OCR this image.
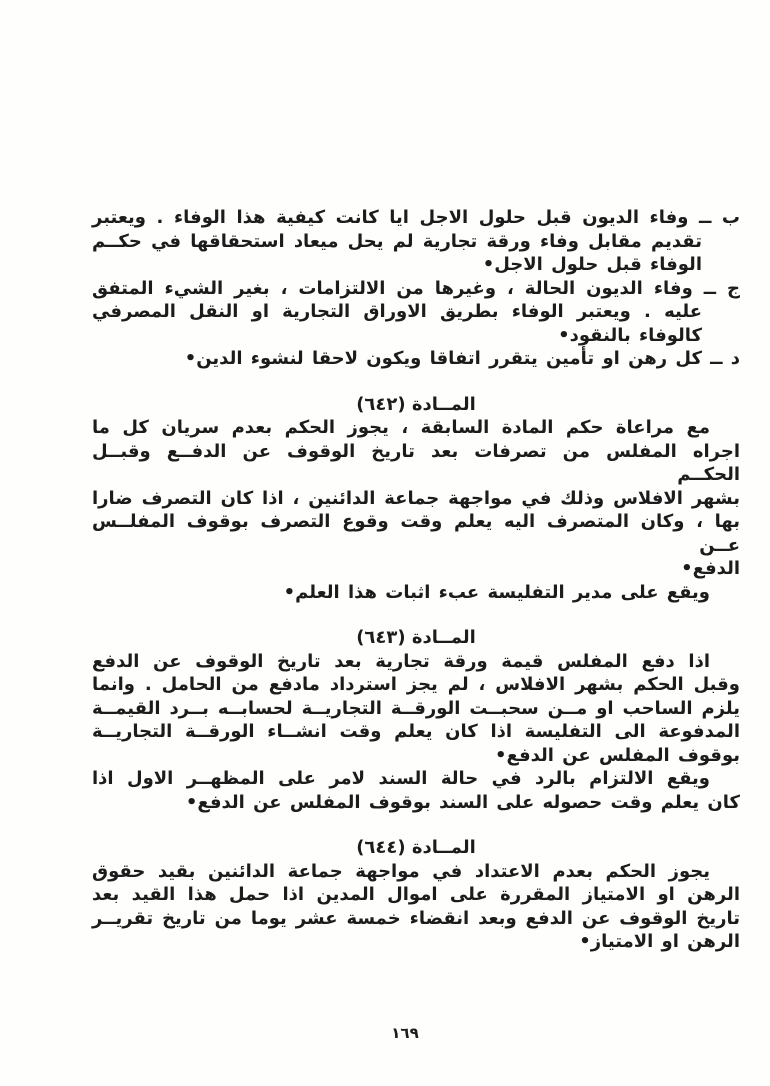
ب ــ وفاء الديون قبل حلول الاجل ايا كانت كيفية هذا الوفاء . ويعتبر

تقديم مقابل وفاء ورقة تجارية لم يحل ميعاد استحقاقها في حكــم

الوفاء قبل حلول الاجل•

ج ــ وفاء الديون الحالة ، وغيرها من الالتزامات ، بغير الشيء المتفق

عليه . ويعتبر الوفاء بطريق الاوراق التجارية او النقل المصرفي

كالوفاء بالنقود•

د ــ كل رهن او تأمين يتقرر اتفاقا ويكون لاحقا لنشوء الدين•

المــادة (٦٤٢)

مع مراعاة حكم المادة السابقة ، يجوز الحكم بعدم سريان كل ما

اجراه المفلس من تصرفات بعد تاريخ الوقوف عن الدفــع وقبــل الحكــم

بشهر الافلاس وذلك في مواجهة جماعة الدائنين ، اذا كان التصرف ضارا

بها ، وكان المتصرف اليه يعلم وقت وقوع التصرف بوقوف المفلــس عــن

الدفع•

ويقع على مدير التفليسة عبء اثبات هذا العلم•

المــادة (٦٤٣)

اذا دفع المفلس قيمة ورقة تجارية بعد تاريخ الوقوف عن الدفع

وقبل الحكم بشهر الافلاس ، لم يجز استرداد مادفع من الحامل . وانما

يلزم الساحب او مــن سحبــت الورقــة التجاريــة لحسابــه بــرد القيمــة

المدفوعة الى التفليسة اذا كان يعلم وقت انشــاء الورقــة التجاريــة

بوقوف المفلس عن الدفع•

ويقع الالتزام بالرد في حالة السند لامر على المظهــر الاول اذا

كان يعلم وقت حصوله على السند بوقوف المفلس عن الدفع•

المــادة (٦٤٤)

يجوز الحكم بعدم الاعتداد في مواجهة جماعة الدائنين بقيد حقوق

الرهن او الامتياز المقررة على اموال المدين اذا حمل هذا القيد بعد

تاريخ الوقوف عن الدفع وبعد انقضاء خمسة عشر يوما من تاريخ تقريــر

الرهن او الامتياز•

١٦٩
